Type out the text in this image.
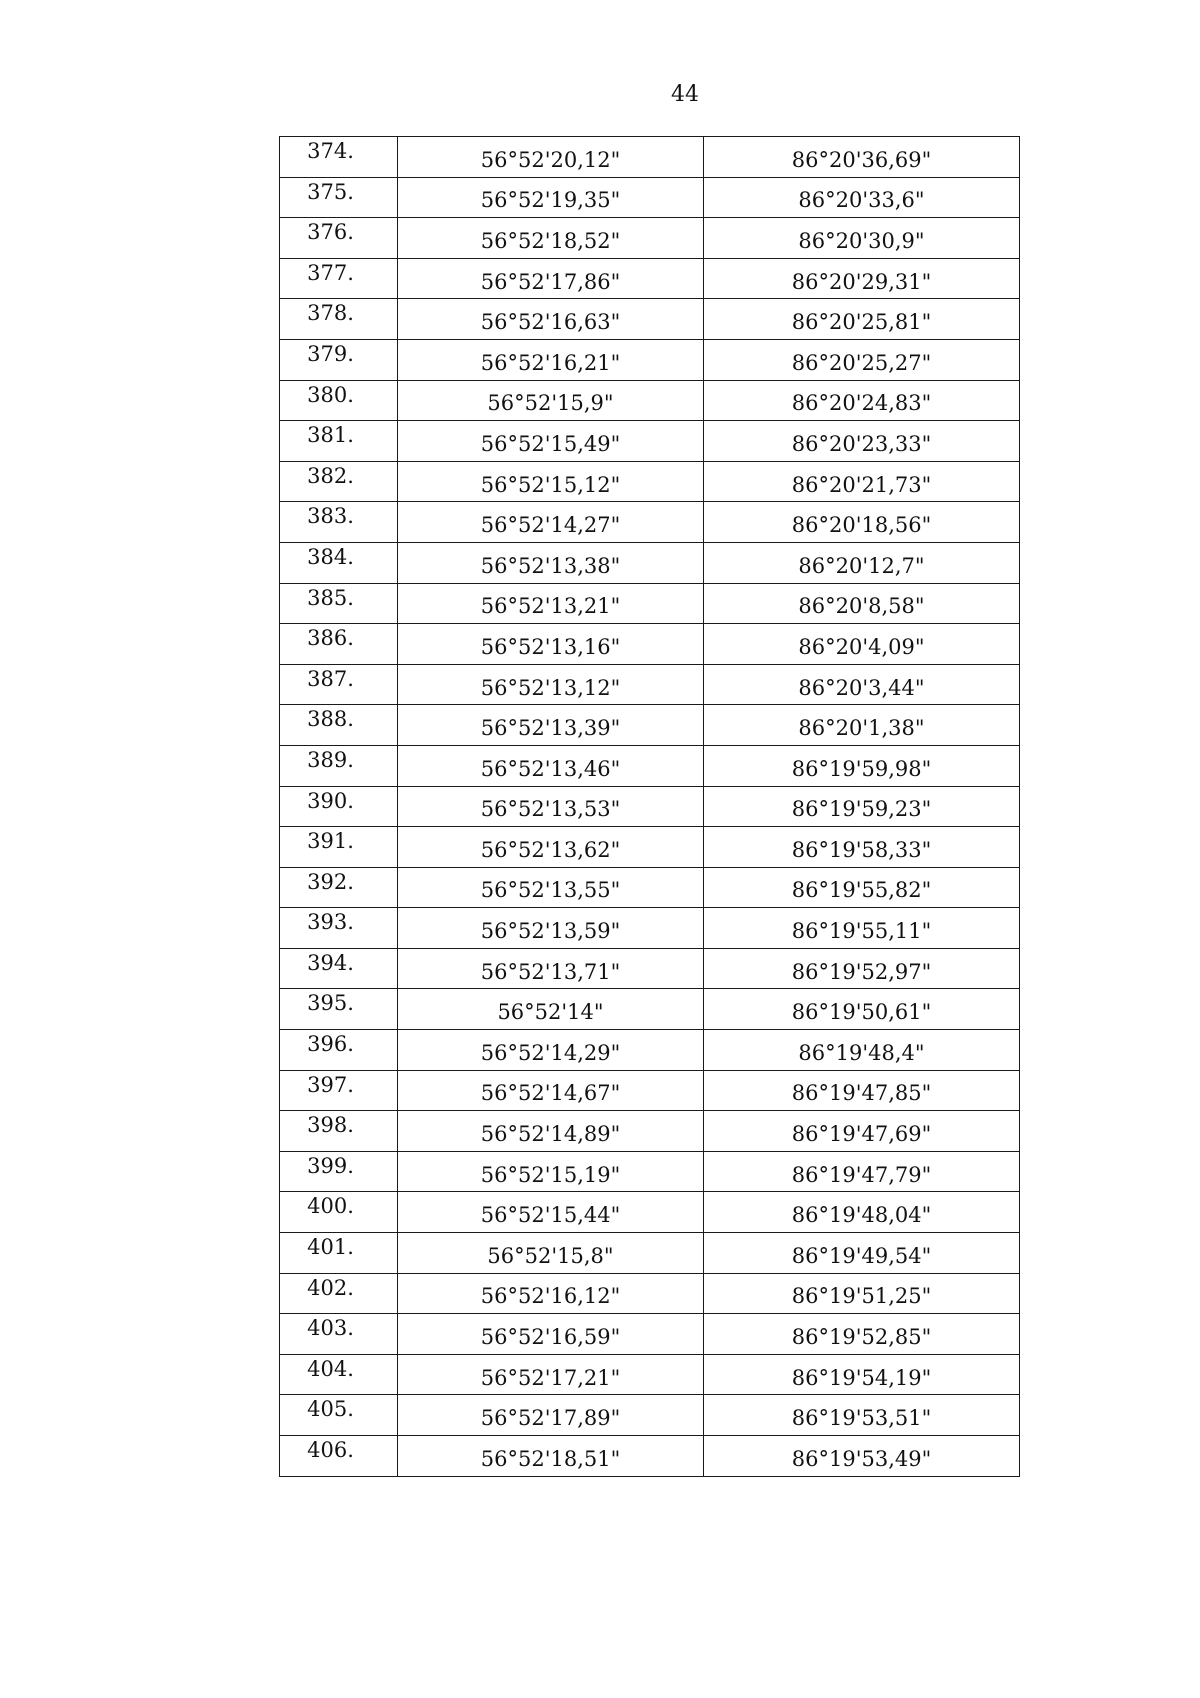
44
374.	56°52'20,12"	86°20'36,69"
375.	56°52'19,35"	86°20'33,6"
376.	56°52'18,52"	86°20'30,9"
377.	56°52'17,86"	86°20'29,31"
378.	56°52'16,63"	86°20'25,81"
379.	56°52'16,21"	86°20'25,27"
380.	56°52'15,9"	86°20'24,83"
381.	56°52'15,49"	86°20'23,33"
382.	56°52'15,12"	86°20'21,73"
383.	56°52'14,27"	86°20'18,56"
384.	56°52'13,38"	86°20'12,7"
385.	56°52'13,21"	86°20'8,58"
386.	56°52'13,16"	86°20'4,09"
387.	56°52'13,12"	86°20'3,44"
388.	56°52'13,39"	86°20'1,38"
389.	56°52'13,46"	86°19'59,98"
390.	56°52'13,53"	86°19'59,23"
391.	56°52'13,62"	86°19'58,33"
392.	56°52'13,55"	86°19'55,82"
393.	56°52'13,59"	86°19'55,11"
394.	56°52'13,71"	86°19'52,97"
395.	56°52'14"	86°19'50,61"
396.	56°52'14,29"	86°19'48,4"
397.	56°52'14,67"	86°19'47,85"
398.	56°52'14,89"	86°19'47,69"
399.	56°52'15,19"	86°19'47,79"
400.	56°52'15,44"	86°19'48,04"
401.	56°52'15,8"	86°19'49,54"
402.	56°52'16,12"	86°19'51,25"
403.	56°52'16,59"	86°19'52,85"
404.	56°52'17,21"	86°19'54,19"
405.	56°52'17,89"	86°19'53,51"
406.	56°52'18,51"	86°19'53,49"
